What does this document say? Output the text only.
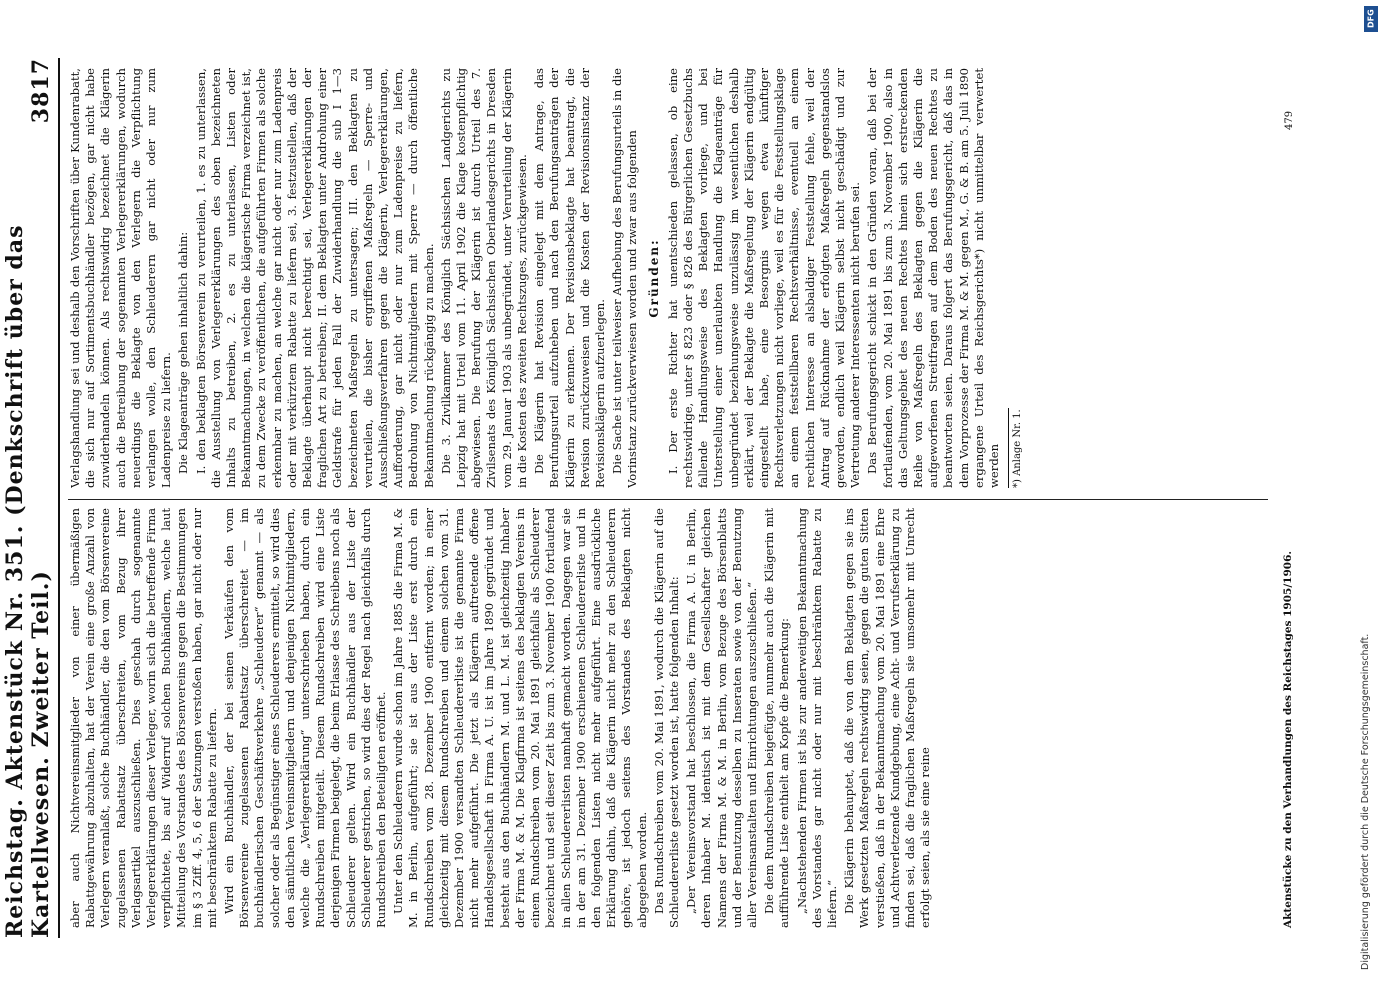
Reichstag. Aktenstück Nr. 351. (Denkschrift über das Kartellwesen. Zweiter Teil.)
3817

aber auch Nichtvereinsmitglieder von einer übermäßigen Rabattgewährung abzuhalten, hat der Verein eine große Anzahl von Verlegern veranlaßt, solche Buchhändler, die den vom Börsenvereine zugelassenen Rabattsatz überschreiten, vom Bezug ihrer Verlagsartikel auszuschließen. Dies geschah durch sogenannte Verlegererklärungen dieser Verleger, worin sich die betreffende Firma verpflichtete, bis auf Widerruf solchen Buchhändlern, welche laut Mitteilung des Vorstandes des Börsenvereins gegen die Bestimmungen im § 3 Ziff. 4, 5, 6 der Satzungen verstoßen haben, gar nicht oder nur mit beschränktem Rabatte zu liefern. Wird ein Buchhändler, der bei seinen Verkäufen den vom Börsenvereine zugelassenen Rabattsatz überschreitet — im buchhändlerischen Geschäftsverkehre „Schleuderer“ genannt — als solcher oder als Begünstiger eines Schleuderers ermittelt, so wird dies den sämtlichen Vereinsmitgliedern und denjenigen Nichtmitgliedern, welche die „Verlegererklärung“ unterschrieben haben, durch ein Rundschreiben mitgeteilt. Diesem Rundschreiben wird eine Liste derjenigen Firmen beigelegt, die beim Erlasse des Schreibens noch als Schleuderer gelten. Wird ein Buchhändler aus der Liste der Schleuderer gestrichen, so wird dies der Regel nach gleichfalls durch Rundschreiben den Beteiligten eröffnet. Unter den Schleuderern wurde schon im Jahre 1885 die Firma M. & M. in Berlin, aufgeführt; sie ist aus der Liste erst durch ein Rundschreiben vom 28. Dezember 1900 entfernt worden; in einer gleichzeitig mit diesem Rundschreiben und einem solchen vom 31. Dezember 1900 versandten Schleudererliste ist die genannte Firma nicht mehr aufgeführt. Die jetzt als Klägerin auftretende offene Handelsgesellschaft in Firma A. U. ist im Jahre 1890 gegründet und besteht aus den Buchhändlern M. und L. M. ist gleichzeitig Inhaber der Firma M. & M. Die Klagfirma ist seitens des beklagten Vereins in einem Rundschreiben vom 20. Mai 1891 gleichfalls als Schleuderer bezeichnet und seit dieser Zeit bis zum 3. November 1900 fortlaufend in allen Schleudererlisten namhaft gemacht worden. Dagegen war sie in der am 31. Dezember 1900 erschienenen Schleudererliste und in den folgenden Listen nicht mehr aufgeführt. Eine ausdrückliche Erklärung dahin, daß die Klägerin nicht mehr zu den Schleuderern gehöre, ist jedoch seitens des Vorstandes des Beklagten nicht abgegeben worden. Das Rundschreiben vom 20. Mai 1891, wodurch die Klägerin auf die Schleudererliste gesetzt worden ist, hatte folgenden Inhalt: „Der Vereinsvorstand hat beschlossen, die Firma A. U. in Berlin, deren Inhaber M. identisch ist mit dem Gesellschafter gleichen Namens der Firma M. & M. in Berlin, vom Bezuge des Börsenblatts und der Benutzung desselben zu Inseraten sowie von der Benutzung aller Vereinsanstalten und Einrichtungen auszuschließen.“ Die dem Rundschreiben beigefügte, nunmehr auch die Klägerin mit aufführende Liste enthielt am Kopfe die Bemerkung: „Nachstehenden Firmen ist bis zur anderweitigen Bekanntmachung des Vorstandes gar nicht oder nur mit beschränktem Rabatte zu liefern.“ Die Klägerin behauptet, daß die von dem Beklagten gegen sie ins Werk gesetzten Maßregeln rechtswidrig seien, gegen die guten Sitten verstießen, daß in der Bekanntmachung vom 20. Mai 1891 eine Ehre und Achtverletzende Kundgebung, eine Acht- und Verrufserklärung zu finden sei, daß die fraglichen Maßregeln sie umsomehr mit Unrecht erfolgt seien, als sie eine reine

Verlagshandlung sei und deshalb den Vorschriften über Kundenrabatt, die sich nur auf Sortimentsbuchhändler bezögen, gar nicht habe zuwiderhandeln können. Als rechtswidrig bezeichnet die Klägerin auch die Betreibung der sogenannten Verlegererklärungen, wodurch neuerdings die Beklagte von den Verlegern die Verpflichtung verlangen wolle, den Schleuderern gar nicht oder nur zum Ladenpreise zu liefern. Die Klageanträge gehen inhaltlich dahin: I. den beklagten Börsenverein zu verurteilen, 1. es zu unterlassen, die Ausstellung von Verlegererklärungen des oben bezeichneten Inhalts zu betreiben, 2. es zu unterlassen, Listen oder Bekanntmachungen, in welchen die klägerische Firma verzeichnet ist, zu dem Zwecke zu veröffentlichen, die aufgeführten Firmen als solche erkennbar zu machen, an welche gar nicht oder nur zum Ladenpreis oder mit verkürztem Rabatte zu liefern sei, 3. festzustellen, daß der Beklagte überhaupt nicht berechtigt sei, Verlegererklärungen der fraglichen Art zu betreiben; II. dem Beklagten unter Androhung einer Geldstrafe für jeden Fall der Zuwiderhandlung die sub I 1—3 bezeichneten Maßregeln zu untersagen; III. den Beklagten zu verurteilen, die bisher ergriffenen Maßregeln — Sperre- und Ausschließungsverfahren gegen die Klägerin, Verlegererklärungen, Aufforderung, gar nicht oder nur zum Ladenpreise zu liefern, Bedrohung von Nichtmitgliedern mit Sperre — durch öffentliche Bekanntmachung rückgängig zu machen. Die 3. Zivilkammer des Königlich Sächsischen Landgerichts zu Leipzig hat mit Urteil vom 11. April 1902 die Klage kostenpflichtig abgewiesen. Die Berufung der Klägerin ist durch Urteil des 7. Zivilsenats des Königlich Sächsischen Oberlandesgerichts in Dresden vom 29. Januar 1903 als unbegründet, unter Verurteilung der Klägerin in die Kosten des zweiten Rechtszuges, zurückgewiesen. Die Klägerin hat Revision eingelegt mit dem Antrage, das Berufungsurteil aufzuheben und nach den Berufungsanträgen der Klägerin zu erkennen. Der Revisionsbeklagte hat beantragt, die Revision zurückzuweisen und die Kosten der Revisionsinstanz der Revisionsklägerin aufzuerlegen. Die Sache ist unter teilweiser Aufhebung des Berufungsurteils in die Vorinstanz zurückverwiesen worden und zwar aus folgenden Gründen: I. Der erste Richter hat unentschieden gelassen, ob eine rechtswidrige, unter § 823 oder § 826 des Bürgerlichen Gesetzbuchs fallende Handlungsweise des Beklagten vorliege, und bei Unterstellung einer unerlaubten Handlung die Klageanträge für unbegründet beziehungsweise unzulässig im wesentlichen deshalb erklärt, weil der Beklagte die Maßregelung der Klägerin endgültig eingestellt habe, eine Besorgnis wegen etwa künftiger Rechtsverletzungen nicht vorliege, weil es für die Feststellungsklage an einem feststellbaren Rechtsverhältnisse, eventuell an einem rechtlichen Interesse an alsbaldiger Feststellung fehle, weil der Antrag auf Rücknahme der erfolgten Maßregeln gegenstandslos geworden, endlich weil Klägerin selbst nicht geschädigt und zur Vertretung anderer Interessenten nicht berufen sei. Das Berufungsgericht schickt in den Gründen voran, daß bei der fortlaufenden, vom 20. Mai 1891 bis zum 3. November 1900, also in das Geltungsgebiet des neuen Rechtes hinein sich erstreckenden Reihe von Maßregeln des Beklagten gegen die Klägerin die aufgeworfenen Streitfragen auf dem Boden des neuen Rechtes zu beantworten seien. Daraus folgert das Berufungsgericht, daß das in dem Vorprozesse der Firma M. & M. gegen M., G. & B. am 5. Juli 1890 ergangene Urteil des Reichsgerichts*) nicht unmittelbar verwertet werden *) Anlage Nr. 1.
Aktenstücke zu den Verhandlungen des Reichstages 1905/1906.
479
DFG
Digitalisierung gefördert durch die Deutsche Forschungsgemeinschaft.
